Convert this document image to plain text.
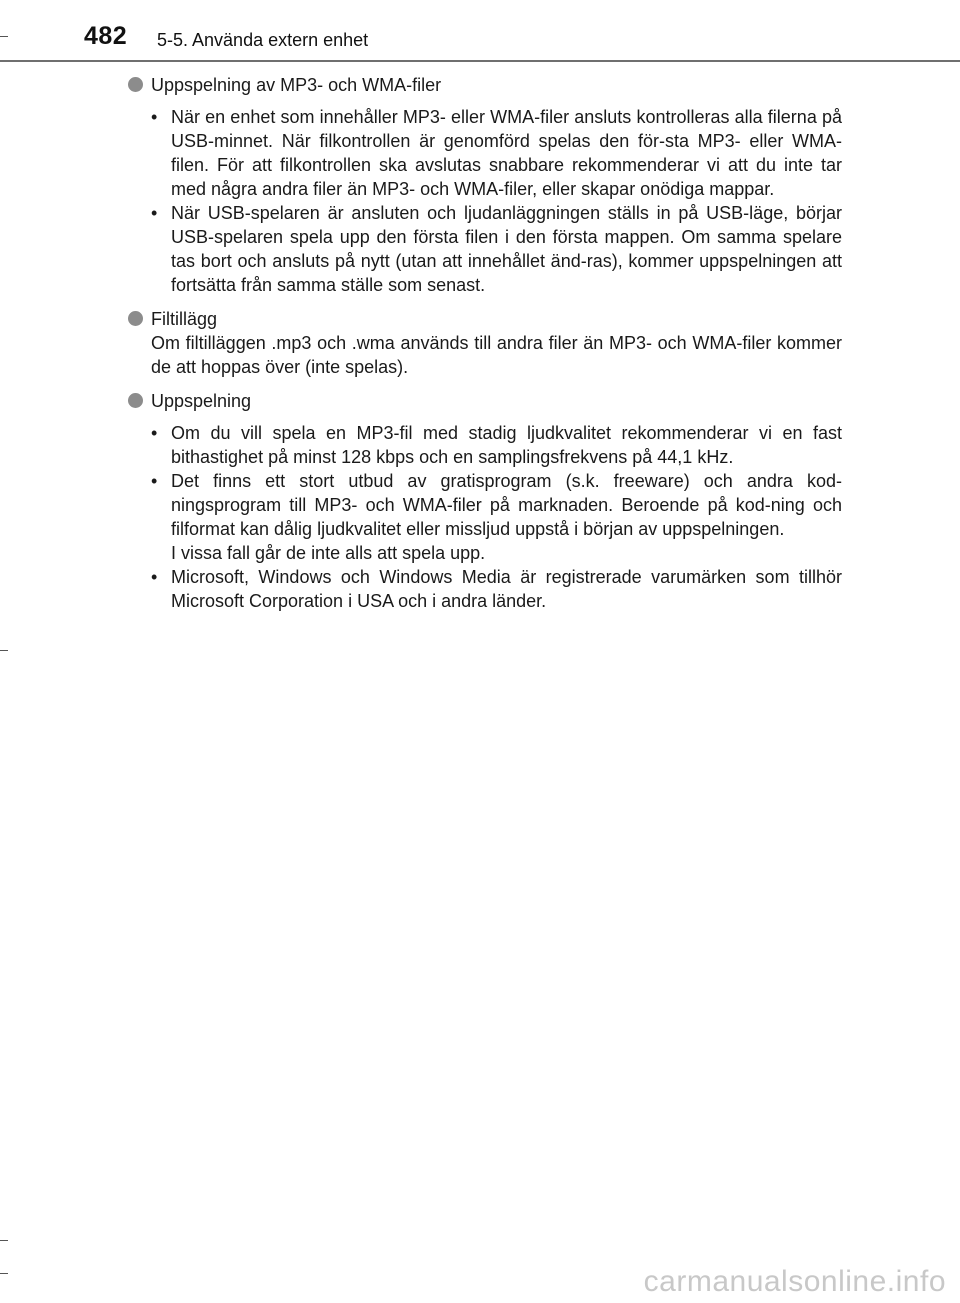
482 5-5. Använda extern enhet
Uppspelning av MP3- och WMA-filer
• När en enhet som innehåller MP3- eller WMA-filer ansluts kontrolleras alla filerna på USB-minnet. När filkontrollen är genomförd spelas den för-sta MP3- eller WMA-filen. För att filkontrollen ska avslutas snabbare rekommenderar vi att du inte tar med några andra filer än MP3- och WMA-filer, eller skapar onödiga mappar.

• När USB-spelaren är ansluten och ljudanläggningen ställs in på USB-läge, börjar USB-spelaren spela upp den första filen i den första mappen. Om samma spelare tas bort och ansluts på nytt (utan att innehållet änd-ras), kommer uppspelningen att fortsätta från samma ställe som senast.

Filtillägg
Om filtilläggen .mp3 och .wma används till andra filer än MP3- och WMA-filer kommer de att hoppas över (inte spelas).
Uppspelning
• Om du vill spela en MP3-fil med stadig ljudkvalitet rekommenderar vi en fast bithastighet på minst 128 kbps och en samplingsfrekvens på 44,1 kHz.

• Det finns ett stort utbud av gratisprogram (s.k. freeware) och andra kod-ningsprogram till MP3- och WMA-filer på marknaden. Beroende på kod-ning och filformat kan dålig ljudkvalitet eller missljud uppstå i början av uppspelningen.

I vissa fall går de inte alls att spela upp.

• Microsoft, Windows och Windows Media är registrerade varumärken som tillhör Microsoft Corporation i USA och i andra länder.

carmanualsonline.info
